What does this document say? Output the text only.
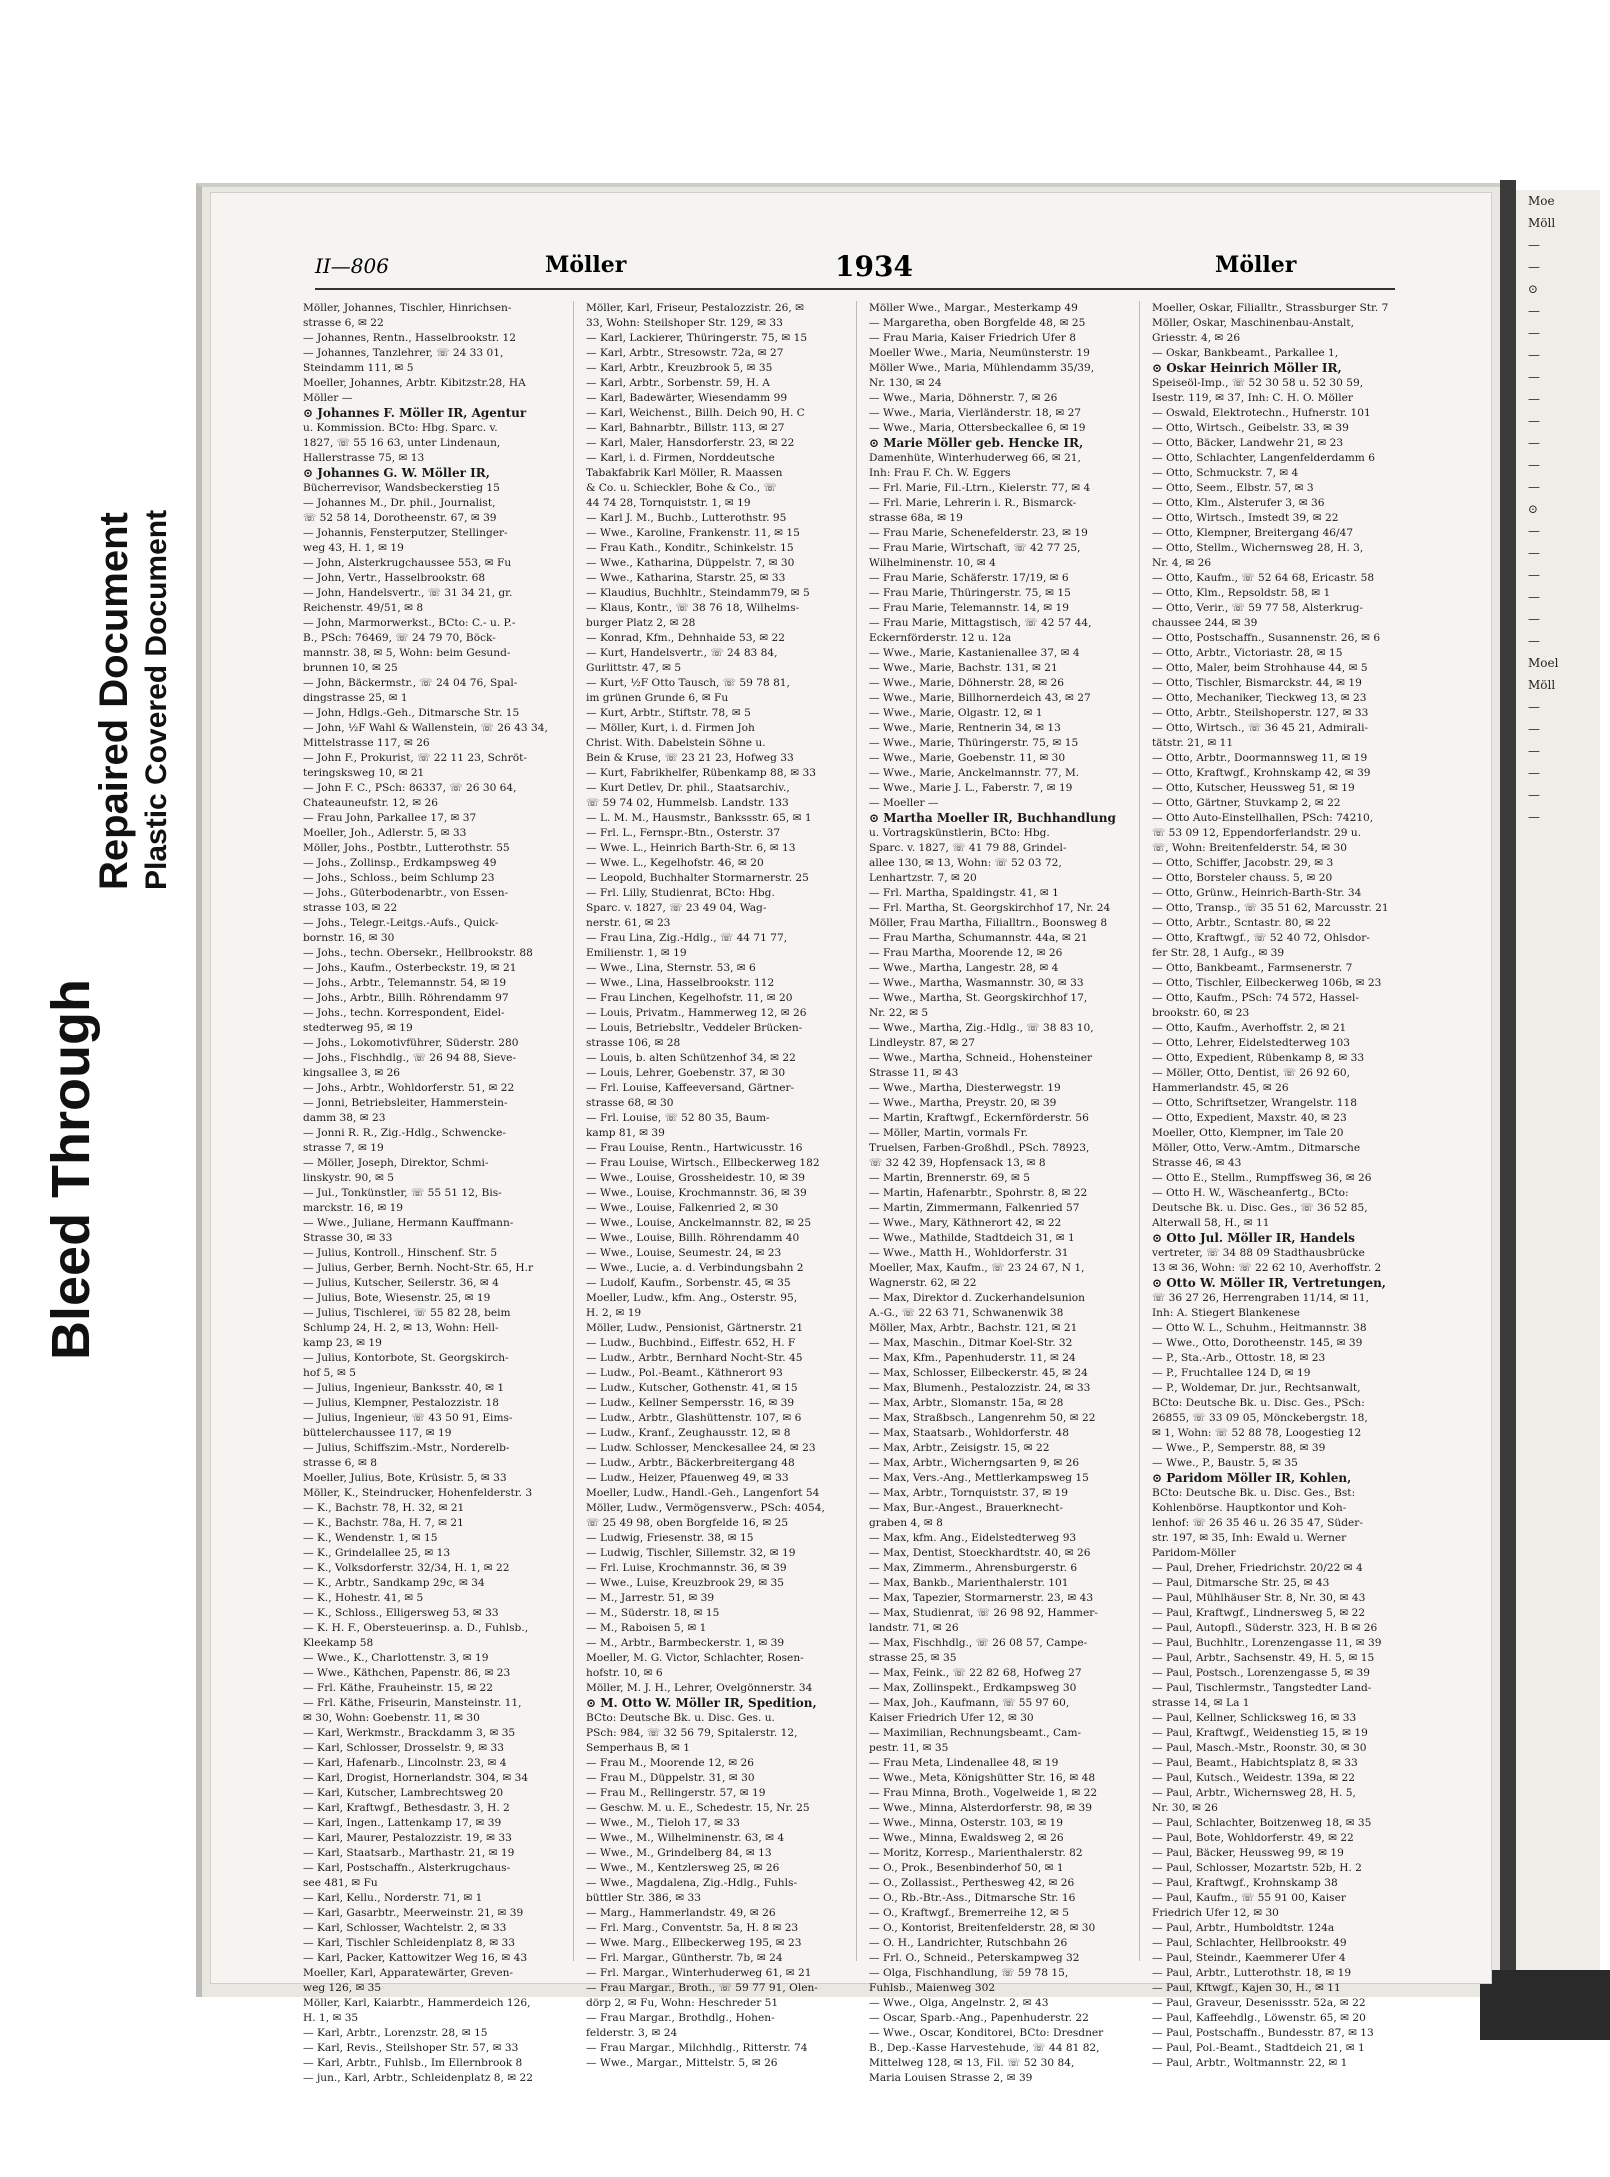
Bleed Through
Repaired Document Plastic Covered Document
Moe
Möll
—
—
⊙
—
—
—
—
—
—
—
—
—
⊙
—
—
—
—
—
—
Moel
Möll
—
—
—
—
—
—
II—806	Möller	1934	Möller
Möller, Johannes, Tischler, Hinrichsen-
strasse 6, ✉ 22
— Johannes, Rentn., Hasselbrookstr. 12
— Johannes, Tanzlehrer, ☏ 24 33 01,
Steindamm 111, ✉ 5
Moeller, Johannes, Arbtr. Kibitzstr.28, HA
Möller —
⊙ Johannes F. Möller IR, Agentur
u. Kommission. BCto: Hbg. Sparc. v.
1827, ☏ 55 16 63, unter Lindenaun,
Hallerstrasse 75, ✉ 13
⊙ Johannes G. W. Möller IR,
Bücherrevisor, Wandsbeckerstieg 15
— Johannes M., Dr. phil., Journalist,
☏ 52 58 14, Dorotheenstr. 67, ✉ 39
— Johannis, Fensterputzer, Stellinger-
weg 43, H. 1, ✉ 19
— John, Alsterkrugchaussee 553, ✉ Fu
— John, Vertr., Hasselbrookstr. 68
— John, Handelsvertr., ☏ 31 34 21, gr.
Reichenstr. 49/51, ✉ 8
— John, Marmorwerkst., BCto: C.- u. P.-
B., PSch: 76469, ☏ 24 79 70, Böck-
mannstr. 38, ✉ 5, Wohn: beim Gesund-
brunnen 10, ✉ 25
— John, Bäckermstr., ☏ 24 04 76, Spal-
dingstrasse 25, ✉ 1
— John, Hdlgs.-Geh., Ditmarsche Str. 15
— John, ½F Wahl & Wallenstein, ☏ 26 43 34,
Mittelstrasse 117, ✉ 26
— John F., Prokurist, ☏ 22 11 23, Schröt-
teringsksweg 10, ✉ 21
— John F. C., PSch: 86337, ☏ 26 30 64,
Chateauneufstr. 12, ✉ 26
— Frau John, Parkallee 17, ✉ 37
Moeller, Joh., Adlerstr. 5, ✉ 33
Möller, Johs., Postbtr., Lutterothstr. 55
— Johs., Zollinsp., Erdkampsweg 49
— Johs., Schloss., beim Schlump 23
— Johs., Güterbodenarbtr., von Essen-
strasse 103, ✉ 22
— Johs., Telegr.-Leitgs.-Aufs., Quick-
bornstr. 16, ✉ 30
— Johs., techn. Obersekr., Hellbrookstr. 88
— Johs., Kaufm., Osterbeckstr. 19, ✉ 21
— Johs., Arbtr., Telemannstr. 54, ✉ 19
— Johs., Arbtr., Billh. Röhrendamm 97
— Johs., techn. Korrespondent, Eidel-
stedterweg 95, ✉ 19
— Johs., Lokomotivführer, Süderstr. 280
— Johs., Fischhdlg., ☏ 26 94 88, Sieve-
kingsallee 3, ✉ 26
— Johs., Arbtr., Wohldorferstr. 51, ✉ 22
— Jonni, Betriebsleiter, Hammerstein-
damm 38, ✉ 23
— Jonni R. R., Zig.-Hdlg., Schwencke-
strasse 7, ✉ 19
— Möller, Joseph, Direktor, Schmi-
linskystr. 90, ✉ 5
— Jul., Tonkünstler, ☏ 55 51 12, Bis-
marckstr. 16, ✉ 19
— Wwe., Juliane, Hermann Kauffmann-
Strasse 30, ✉ 33
— Julius, Kontroll., Hinschenf. Str. 5
— Julius, Gerber, Bernh. Nocht-Str. 65, H.r
— Julius, Kutscher, Seilerstr. 36, ✉ 4
— Julius, Bote, Wiesenstr. 25, ✉ 19
— Julius, Tischlerei, ☏ 55 82 28, beim
Schlump 24, H. 2, ✉ 13, Wohn: Hell-
kamp 23, ✉ 19
— Julius, Kontorbote, St. Georgskirch-
hof 5, ✉ 5
— Julius, Ingenieur, Banksstr. 40, ✉ 1
— Julius, Klempner, Pestalozzistr. 18
— Julius, Ingenieur, ☏ 43 50 91, Eims-
büttelerchaussee 117, ✉ 19
— Julius, Schiffszim.-Mstr., Norderelb-
strasse 6, ✉ 8
Moeller, Julius, Bote, Krüsistr. 5, ✉ 33
Möller, K., Steindrucker, Hohenfelderstr. 3
— K., Bachstr. 78, H. 32, ✉ 21
— K., Bachstr. 78a, H. 7, ✉ 21
— K., Wendenstr. 1, ✉ 15
— K., Grindelallee 25, ✉ 13
— K., Volksdorferstr. 32/34, H. 1, ✉ 22
— K., Arbtr., Sandkamp 29c, ✉ 34
— K., Hohestr. 41, ✉ 5
— K., Schloss., Elligersweg 53, ✉ 33
— K. H. F., Obersteuerinsp. a. D., Fuhlsb.,
Kleekamp 58
— Wwe., K., Charlottenstr. 3, ✉ 19
— Wwe., Käthchen, Papenstr. 86, ✉ 23
— Frl. Käthe, Frauheinstr. 15, ✉ 22
— Frl. Käthe, Friseurin, Mansteinstr. 11,
✉ 30, Wohn: Goebenstr. 11, ✉ 30
— Karl, Werkmstr., Brackdamm 3, ✉ 35
— Karl, Schlosser, Drosselstr. 9, ✉ 33
— Karl, Hafenarb., Lincolnstr. 23, ✉ 4
— Karl, Drogist, Hornerlandstr. 304, ✉ 34
— Karl, Kutscher, Lambrechtsweg 20
— Karl, Kraftwgf., Bethesdastr. 3, H. 2
— Karl, Ingen., Lattenkamp 17, ✉ 39
— Karl, Maurer, Pestalozzistr. 19, ✉ 33
— Karl, Staatsarb., Marthastr. 21, ✉ 19
— Karl, Postschaffn., Alsterkrugchaus-
see 481, ✉ Fu
— Karl, Kellu., Norderstr. 71, ✉ 1
— Karl, Gasarbtr., Meerweinstr. 21, ✉ 39
— Karl, Schlosser, Wachtelstr. 2, ✉ 33
— Karl, Tischler Schleidenplatz 8, ✉ 33
— Karl, Packer, Kattowitzer Weg 16, ✉ 43
Moeller, Karl, Apparatewärter, Greven-
weg 126, ✉ 35
Möller, Karl, Kaiarbtr., Hammerdeich 126,
H. 1, ✉ 35
— Karl, Arbtr., Lorenzstr. 28, ✉ 15
— Karl, Revis., Steilshoper Str. 57, ✉ 33
— Karl, Arbtr., Fuhlsb., Im Ellernbrook 8
— jun., Karl, Arbtr., Schleidenplatz 8, ✉ 22
Möller, Karl, Friseur, Pestalozzistr. 26, ✉
33, Wohn: Steilshoper Str. 129, ✉ 33
— Karl, Lackierer, Thüringerstr. 75, ✉ 15
— Karl, Arbtr., Stresowstr. 72a, ✉ 27
— Karl, Arbtr., Kreuzbrook 5, ✉ 35
— Karl, Arbtr., Sorbenstr. 59, H. A
— Karl, Badewärter, Wiesendamm 99
— Karl, Weichenst., Billh. Deich 90, H. C
— Karl, Bahnarbtr., Billstr. 113, ✉ 27
— Karl, Maler, Hansdorferstr. 23, ✉ 22
— Karl, i. d. Firmen, Norddeutsche
Tabakfabrik Karl Möller, R. Maassen
& Co. u. Schieckler, Bohe & Co., ☏
44 74 28, Tornquiststr. 1, ✉ 19
— Karl J. M., Buchb., Lutterothstr. 95
— Wwe., Karoline, Frankenstr. 11, ✉ 15
— Frau Kath., Konditr., Schinkelstr. 15
— Wwe., Katharina, Düppelstr. 7, ✉ 30
— Wwe., Katharina, Starstr. 25, ✉ 33
— Klaudius, Buchhltr., Steindamm79, ✉ 5
— Klaus, Kontr., ☏ 38 76 18, Wilhelms-
burger Platz 2, ✉ 28
— Konrad, Kfm., Dehnhaide 53, ✉ 22
— Kurt, Handelsvertr., ☏ 24 83 84,
Gurlittstr. 47, ✉ 5
— Kurt, ½F Otto Tausch, ☏ 59 78 81,
im grünen Grunde 6, ✉ Fu
— Kurt, Arbtr., Stiftstr. 78, ✉ 5
— Möller, Kurt, i. d. Firmen Joh
Christ. With. Dabelstein Söhne u.
Bein & Kruse, ☏ 23 21 23, Hofweg 33
— Kurt, Fabrikhelfer, Rübenkamp 88, ✉ 33
— Kurt Detlev, Dr. phil., Staatsarchiv.,
☏ 59 74 02, Hummelsb. Landstr. 133
— L. M. M., Hausmstr., Bankssstr. 65, ✉ 1
— Frl. L., Fernspr.-Btn., Osterstr. 37
— Wwe. L., Heinrich Barth-Str. 6, ✉ 13
— Wwe. L., Kegelhofstr. 46, ✉ 20
— Leopold, Buchhalter Stormarnerstr. 25
— Frl. Lilly, Studienrat, BCto: Hbg.
Sparc. v. 1827, ☏ 23 49 04, Wag-
nerstr. 61, ✉ 23
— Frau Lina, Zig.-Hdlg., ☏ 44 71 77,
Emilienstr. 1, ✉ 19
— Wwe., Lina, Sternstr. 53, ✉ 6
— Wwe., Lina, Hasselbrookstr. 112
— Frau Linchen, Kegelhofstr. 11, ✉ 20
— Louis, Privatm., Hammerweg 12, ✉ 26
— Louis, Betriebsltr., Veddeler Brücken-
strasse 106, ✉ 28
— Louis, b. alten Schützenhof 34, ✉ 22
— Louis, Lehrer, Goebenstr. 37, ✉ 30
— Frl. Louise, Kaffeeversand, Gärtner-
strasse 68, ✉ 30
— Frl. Louise, ☏ 52 80 35, Baum-
kamp 81, ✉ 39
— Frau Louise, Rentn., Hartwicusstr. 16
— Frau Louise, Wirtsch., Ellbeckerweg 182
— Wwe., Louise, Grossheidestr. 10, ✉ 39
— Wwe., Louise, Krochmannstr. 36, ✉ 39
— Wwe., Louise, Falkenried 2, ✉ 30
— Wwe., Louise, Anckelmannstr. 82, ✉ 25
— Wwe., Louise, Billh. Röhrendamm 40
— Wwe., Louise, Seumestr. 24, ✉ 23
— Wwe., Lucie, a. d. Verbindungsbahn 2
— Ludolf, Kaufm., Sorbenstr. 45, ✉ 35
Moeller, Ludw., kfm. Ang., Osterstr. 95,
H. 2, ✉ 19
Möller, Ludw., Pensionist, Gärtnerstr. 21
— Ludw., Buchbind., Eiffestr. 652, H. F
— Ludw., Arbtr., Bernhard Nocht-Str. 45
— Ludw., Pol.-Beamt., Käthnerort 93
— Ludw., Kutscher, Gothenstr. 41, ✉ 15
— Ludw., Kellner Sempersstr. 16, ✉ 39
— Ludw., Arbtr., Glashüttenstr. 107, ✉ 6
— Ludw., Kranf., Zeughausstr. 12, ✉ 8
— Ludw. Schlosser, Menckesallee 24, ✉ 23
— Ludw., Arbtr., Bäckerbreitergang 48
— Ludw., Heizer, Pfauenweg 49, ✉ 33
Moeller, Ludw., Handl.-Geh., Langenfort 54
Möller, Ludw., Vermögensverw., PSch: 4054,
☏ 25 49 98, oben Borgfelde 16, ✉ 25
— Ludwig, Friesenstr. 38, ✉ 15
— Ludwig, Tischler, Sillemstr. 32, ✉ 19
— Frl. Luise, Krochmannstr. 36, ✉ 39
— Wwe., Luise, Kreuzbrook 29, ✉ 35
— M., Jarrestr. 51, ✉ 39
— M., Süderstr. 18, ✉ 15
— M., Raboisen 5, ✉ 1
— M., Arbtr., Barmbeckerstr. 1, ✉ 39
Moeller, M. G. Victor, Schlachter, Rosen-
hofstr. 10, ✉ 6
Möller, M. J. H., Lehrer, Ovelgönnerstr. 34
⊙ M. Otto W. Möller IR, Spedition,
BCto: Deutsche Bk. u. Disc. Ges. u.
PSch: 984, ☏ 32 56 79, Spitalerstr. 12,
Semperhaus B, ✉ 1
— Frau M., Moorende 12, ✉ 26
— Frau M., Düppelstr. 31, ✉ 30
— Frau M., Rellingerstr. 57, ✉ 19
— Geschw. M. u. E., Schedestr. 15, Nr. 25
— Wwe., M., Tieloh 17, ✉ 33
— Wwe., M., Wilhelminenstr. 63, ✉ 4
— Wwe., M., Grindelberg 84, ✉ 13
— Wwe., M., Kentzlersweg 25, ✉ 26
— Wwe., Magdalena, Zig.-Hdlg., Fuhls-
büttler Str. 386, ✉ 33
— Marg., Hammerlandstr. 49, ✉ 26
— Frl. Marg., Conventstr. 5a, H. 8 ✉ 23
— Wwe. Marg., Ellbeckerweg 195, ✉ 23
— Frl. Margar., Güntherstr. 7b, ✉ 24
— Frl. Margar., Winterhuderweg 61, ✉ 21
— Frau Margar., Broth., ☏ 59 77 91, Olen-
dörp 2, ✉ Fu, Wohn: Heschreder 51
— Frau Margar., Brothdlg., Hohen-
felderstr. 3, ✉ 24
— Frau Margar., Milchhdlg., Ritterstr. 74
— Wwe., Margar., Mittelstr. 5, ✉ 26
Möller Wwe., Margar., Mesterkamp 49
— Margaretha, oben Borgfelde 48, ✉ 25
— Frau Maria, Kaiser Friedrich Ufer 8
Moeller Wwe., Maria, Neumünsterstr. 19
Möller Wwe., Maria, Mühlendamm 35/39,
Nr. 130, ✉ 24
— Wwe., Maria, Döhnerstr. 7, ✉ 26
— Wwe., Maria, Vierländerstr. 18, ✉ 27
— Wwe., Maria, Ottersbeckallee 6, ✉ 19
⊙ Marie Möller geb. Hencke IR,
Damenhüte, Winterhuderweg 66, ✉ 21,
Inh: Frau F. Ch. W. Eggers
— Frl. Marie, Fil.-Ltrn., Kielerstr. 77, ✉ 4
— Frl. Marie, Lehrerin i. R., Bismarck-
strasse 68a, ✉ 19
— Frau Marie, Schenefelderstr. 23, ✉ 19
— Frau Marie, Wirtschaft, ☏ 42 77 25,
Wilhelminenstr. 10, ✉ 4
— Frau Marie, Schäferstr. 17/19, ✉ 6
— Frau Marie, Thüringerstr. 75, ✉ 15
— Frau Marie, Telemannstr. 14, ✉ 19
— Frau Marie, Mittagstisch, ☏ 42 57 44,
Eckernförderstr. 12 u. 12a
— Wwe., Marie, Kastanienallee 37, ✉ 4
— Wwe., Marie, Bachstr. 131, ✉ 21
— Wwe., Marie, Döhnerstr. 28, ✉ 26
— Wwe., Marie, Billhornerdeich 43, ✉ 27
— Wwe., Marie, Olgastr. 12, ✉ 1
— Wwe., Marie, Rentnerin 34, ✉ 13
— Wwe., Marie, Thüringerstr. 75, ✉ 15
— Wwe., Marie, Goebenstr. 11, ✉ 30
— Wwe., Marie, Anckelmannstr. 77, M.
— Wwe., Marie J. L., Faberstr. 7, ✉ 19
— Moeller —
⊙ Martha Moeller IR, Buchhandlung
u. Vortragskünstlerin, BCto: Hbg.
Sparc. v. 1827, ☏ 41 79 88, Grindel-
allee 130, ✉ 13, Wohn: ☏ 52 03 72,
Lenhartzstr. 7, ✉ 20
— Frl. Martha, Spaldingstr. 41, ✉ 1
— Frl. Martha, St. Georgskirchhof 17, Nr. 24
Möller, Frau Martha, Filialltrn., Boonsweg 8
— Frau Martha, Schumannstr. 44a, ✉ 21
— Frau Martha, Moorende 12, ✉ 26
— Wwe., Martha, Langestr. 28, ✉ 4
— Wwe., Martha, Wasmannstr. 30, ✉ 33
— Wwe., Martha, St. Georgskirchhof 17,
Nr. 22, ✉ 5
— Wwe., Martha, Zig.-Hdlg., ☏ 38 83 10,
Lindleystr. 87, ✉ 27
— Wwe., Martha, Schneid., Hohensteiner
Strasse 11, ✉ 43
— Wwe., Martha, Diesterwegstr. 19
— Wwe., Martha, Preystr. 20, ✉ 39
— Martin, Kraftwgf., Eckernförderstr. 56
— Möller, Martin, vormals Fr.
Truelsen, Farben-Großhdl., PSch. 78923,
☏ 32 42 39, Hopfensack 13, ✉ 8
— Martin, Brennerstr. 69, ✉ 5
— Martin, Hafenarbtr., Spohrstr. 8, ✉ 22
— Martin, Zimmermann, Falkenried 57
— Wwe., Mary, Käthnerort 42, ✉ 22
— Wwe., Mathilde, Stadtdeich 31, ✉ 1
— Wwe., Matth H., Wohldorferstr. 31
Moeller, Max, Kaufm., ☏ 23 24 67, N 1,
Wagnerstr. 62, ✉ 22
— Max, Direktor d. Zuckerhandelsunion
A.-G., ☏ 22 63 71, Schwanenwik 38
Möller, Max, Arbtr., Bachstr. 121, ✉ 21
— Max, Maschin., Ditmar Koel-Str. 32
— Max, Kfm., Papenhuderstr. 11, ✉ 24
— Max, Schlosser, Eilbeckerstr. 45, ✉ 24
— Max, Blumenh., Pestalozzistr. 24, ✉ 33
— Max, Arbtr., Slomanstr. 15a, ✉ 28
— Max, Straßbsch., Langenrehm 50, ✉ 22
— Max, Staatsarb., Wohldorferstr. 48
— Max, Arbtr., Zeisigstr. 15, ✉ 22
— Max, Arbtr., Wicherngsarten 9, ✉ 26
— Max, Vers.-Ang., Mettlerkampsweg 15
— Max, Arbtr., Tornquiststr. 37, ✉ 19
— Max, Bur.-Angest., Brauerknecht-
graben 4, ✉ 8
— Max, kfm. Ang., Eidelstedterweg 93
— Max, Dentist, Stoeckhardtstr. 40, ✉ 26
— Max, Zimmerm., Ahrensburgerstr. 6
— Max, Bankb., Marienthalerstr. 101
— Max, Tapezier, Stormarnerstr. 23, ✉ 43
— Max, Studienrat, ☏ 26 98 92, Hammer-
landstr. 71, ✉ 26
— Max, Fischhdlg., ☏ 26 08 57, Campe-
strasse 25, ✉ 35
— Max, Feink., ☏ 22 82 68, Hofweg 27
— Max, Zollinspekt., Erdkampsweg 30
— Max, Joh., Kaufmann, ☏ 55 97 60,
Kaiser Friedrich Ufer 12, ✉ 30
— Maximilian, Rechnungsbeamt., Cam-
pestr. 11, ✉ 35
— Frau Meta, Lindenallee 48, ✉ 19
— Wwe., Meta, Königshütter Str. 16, ✉ 48
— Frau Minna, Broth., Vogelweide 1, ✉ 22
— Wwe., Minna, Alsterdorferstr. 98, ✉ 39
— Wwe., Minna, Osterstr. 103, ✉ 19
— Wwe., Minna, Ewaldsweg 2, ✉ 26
— Moritz, Korresp., Marienthalerstr. 82
— O., Prok., Besenbinderhof 50, ✉ 1
— O., Zollassist., Perthesweg 42, ✉ 26
— O., Rb.-Btr.-Ass., Ditmarsche Str. 16
— O., Kraftwgf., Bremerreihe 12, ✉ 5
— O., Kontorist, Breitenfelderstr. 28, ✉ 30
— O. H., Landrichter, Rutschbahn 26
— Frl. O., Schneid., Peterskampweg 32
— Olga, Fischhandlung, ☏ 59 78 15,
Fuhlsb., Maienweg 302
— Wwe., Olga, Angelnstr. 2, ✉ 43
— Oscar, Sparb.-Ang., Papenhuderstr. 22
— Wwe., Oscar, Konditorei, BCto: Dresdner
B., Dep.-Kasse Harvestehude, ☏ 44 81 82,
Mittelweg 128, ✉ 13, Fil. ☏ 52 30 84,
Maria Louisen Strasse 2, ✉ 39
Moeller, Oskar, Filialltr., Strassburger Str. 7
Möller, Oskar, Maschinenbau-Anstalt,
Griesstr. 4, ✉ 26
— Oskar, Bankbeamt., Parkallee 1,
⊙ Oskar Heinrich Möller IR,
Speiseöl-Imp., ☏ 52 30 58 u. 52 30 59,
Isestr. 119, ✉ 37, Inh: C. H. O. Möller
— Oswald, Elektrotechn., Hufnerstr. 101
— Otto, Wirtsch., Geibelstr. 33, ✉ 39
— Otto, Bäcker, Landwehr 21, ✉ 23
— Otto, Schlachter, Langenfelderdamm 6
— Otto, Schmuckstr. 7, ✉ 4
— Otto, Seem., Elbstr. 57, ✉ 3
— Otto, Klm., Alsterufer 3, ✉ 36
— Otto, Wirtsch., Imstedt 39, ✉ 22
— Otto, Klempner, Breitergang 46/47
— Otto, Stellm., Wichernsweg 28, H. 3,
Nr. 4, ✉ 26
— Otto, Kaufm., ☏ 52 64 68, Ericastr. 58
— Otto, Klm., Repsoldstr. 58, ✉ 1
— Otto, Verir., ☏ 59 77 58, Alsterkrug-
chaussee 244, ✉ 39
— Otto, Postschaffn., Susannenstr. 26, ✉ 6
— Otto, Arbtr., Victoriastr. 28, ✉ 15
— Otto, Maler, beim Strohhause 44, ✉ 5
— Otto, Tischler, Bismarckstr. 44, ✉ 19
— Otto, Mechaniker, Tieckweg 13, ✉ 23
— Otto, Arbtr., Steilshoperstr. 127, ✉ 33
— Otto, Wirtsch., ☏ 36 45 21, Admirali-
tätstr. 21, ✉ 11
— Otto, Arbtr., Doormannsweg 11, ✉ 19
— Otto, Kraftwgf., Krohnskamp 42, ✉ 39
— Otto, Kutscher, Heussweg 51, ✉ 19
— Otto, Gärtner, Stuvkamp 2, ✉ 22
— Otto Auto-Einstellhallen, PSch: 74210,
☏ 53 09 12, Eppendorferlandstr. 29 u.
☏, Wohn: Breitenfelderstr. 54, ✉ 30
— Otto, Schiffer, Jacobstr. 29, ✉ 3
— Otto, Borsteler chauss. 5, ✉ 20
— Otto, Grünw., Heinrich-Barth-Str. 34
— Otto, Transp., ☏ 35 51 62, Marcusstr. 21
— Otto, Arbtr., Scntastr. 80, ✉ 22
— Otto, Kraftwgf., ☏ 52 40 72, Ohlsdor-
fer Str. 28, 1 Aufg., ✉ 39
— Otto, Bankbeamt., Farmsenerstr. 7
— Otto, Tischler, Eilbeckerweg 106b, ✉ 23
— Otto, Kaufm., PSch: 74 572, Hassel-
brookstr. 60, ✉ 23
— Otto, Kaufm., Averhoffstr. 2, ✉ 21
— Otto, Lehrer, Eidelstedterweg 103
— Otto, Expedient, Rübenkamp 8, ✉ 33
— Möller, Otto, Dentist, ☏ 26 92 60,
Hammerlandstr. 45, ✉ 26
— Otto, Schriftsetzer, Wrangelstr. 118
— Otto, Expedient, Maxstr. 40, ✉ 23
Moeller, Otto, Klempner, im Tale 20
Möller, Otto, Verw.-Amtm., Ditmarsche
Strasse 46, ✉ 43
— Otto E., Stellm., Rumpffsweg 36, ✉ 26
— Otto H. W., Wäscheanfertg., BCto:
Deutsche Bk. u. Disc. Ges., ☏ 36 52 85,
Alterwall 58, H., ✉ 11
⊙ Otto Jul. Möller IR, Handels
vertreter, ☏ 34 88 09 Stadthausbrücke
13 ✉ 36, Wohn: ☏ 22 62 10, Averhoffstr. 2
⊙ Otto W. Möller IR, Vertretungen,
☏ 36 27 26, Herrengraben 11/14, ✉ 11,
Inh: A. Stiegert Blankenese
— Otto W. L., Schuhm., Heitmannstr. 38
— Wwe., Otto, Dorotheenstr. 145, ✉ 39
— P., Sta.-Arb., Ottostr. 18, ✉ 23
— P., Fruchtallee 124 D, ✉ 19
— P., Woldemar, Dr. jur., Rechtsanwalt,
BCto: Deutsche Bk. u. Disc. Ges., PSch:
26855, ☏ 33 09 05, Mönckebergstr. 18,
✉ 1, Wohn: ☏ 52 88 78, Loogestieg 12
— Wwe., P., Semperstr. 88, ✉ 39
— Wwe., P., Baustr. 5, ✉ 35
⊙ Paridom Möller IR, Kohlen,
BCto: Deutsche Bk. u. Disc. Ges., Bst:
Kohlenbörse. Hauptkontor und Koh-
lenhof: ☏ 26 35 46 u. 26 35 47, Süder-
str. 197, ✉ 35, Inh: Ewald u. Werner
Paridom-Möller
— Paul, Dreher, Friedrichstr. 20/22 ✉ 4
— Paul, Ditmarsche Str. 25, ✉ 43
— Paul, Mühlhäuser Str. 8, Nr. 30, ✉ 43
— Paul, Kraftwgf., Lindnersweg 5, ✉ 22
— Paul, Autopfl., Süderstr. 323, H. B ✉ 26
— Paul, Buchhltr., Lorenzengasse 11, ✉ 39
— Paul, Arbtr., Sachsenstr. 49, H. 5, ✉ 15
— Paul, Postsch., Lorenzengasse 5, ✉ 39
— Paul, Tischlermstr., Tangstedter Land-
strasse 14, ✉ La 1
— Paul, Kellner, Schlicksweg 16, ✉ 33
— Paul, Kraftwgf., Weidenstieg 15, ✉ 19
— Paul, Masch.-Mstr., Roonstr. 30, ✉ 30
— Paul, Beamt., Habichtsplatz 8, ✉ 33
— Paul, Kutsch., Weidestr. 139a, ✉ 22
— Paul, Arbtr., Wichernsweg 28, H. 5,
Nr. 30, ✉ 26
— Paul, Schlachter, Boitzenweg 18, ✉ 35
— Paul, Bote, Wohldorferstr. 49, ✉ 22
— Paul, Bäcker, Heussweg 99, ✉ 19
— Paul, Schlosser, Mozartstr. 52b, H. 2
— Paul, Kraftwgf., Krohnskamp 38
— Paul, Kaufm., ☏ 55 91 00, Kaiser
Friedrich Ufer 12, ✉ 30
— Paul, Arbtr., Humboldtstr. 124a
— Paul, Schlachter, Hellbrookstr. 49
— Paul, Steindr., Kaemmerer Ufer 4
— Paul, Arbtr., Lutterothstr. 18, ✉ 19
— Paul, Kftwgf., Kajen 30, H., ✉ 11
— Paul, Graveur, Desenissstr. 52a, ✉ 22
— Paul, Kaffeehdlg., Löwenstr. 65, ✉ 20
— Paul, Postschaffn., Bundesstr. 87, ✉ 13
— Paul, Pol.-Beamt., Stadtdeich 21, ✉ 1
— Paul, Arbtr., Woltmannstr. 22, ✉ 1
